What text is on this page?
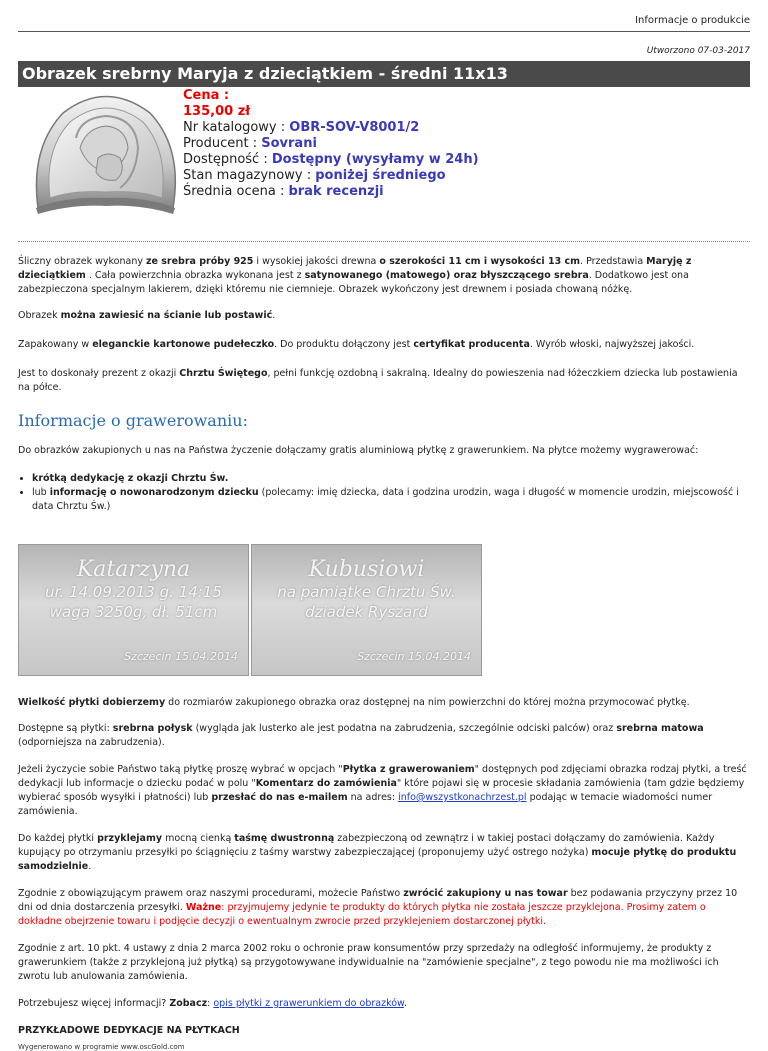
Informacje o produkcie
Utworzono 07-03-2017
Obrazek srebrny Maryja z dzieciątkiem - średni 11x13
Cena :
135,00 zł
Nr katalogowy : OBR-SOV-V8001/2
Producent : Sovrani
Dostępność : Dostępny (wysyłamy w 24h)
Stan magazynowy : poniżej średniego
Średnia ocena : brak recenzji

Śliczny obrazek wykonany ze srebra próby 925 i wysokiej jakości drewna o szerokości 11 cm i wysokości 13 cm. Przedstawia Maryję z dzieciątkiem . Cała powierzchnia obrazka wykonana jest z satynowanego (matowego) oraz błyszczącego srebra. Dodatkowo jest ona zabezpieczona specjalnym lakierem, dzięki któremu nie ciemnieje. Obrazek wykończony jest drewnem i posiada chowaną nóżkę.

Obrazek można zawiesić na ścianie lub postawić.

Zapakowany w eleganckie kartonowe pudełeczko. Do produktu dołączony jest certyfikat producenta. Wyrób włoski, najwyższej jakości.

Jest to doskonały prezent z okazji Chrztu Świętego, pełni funkcję ozdobną i sakralną. Idealny do powieszenia nad łóżeczkiem dziecka lub postawienia na półce.

Informacje o grawerowaniu:

Do obrazków zakupionych u nas na Państwa życzenie dołączamy gratis aluminiową płytkę z grawerunkiem. Na płytce możemy wygrawerować:

• krótką dedykację z okazji Chrztu Św.
• lub informację o nowonarodzonym dziecku (polecamy: imię dziecka, data i godzina urodzin, waga i długość w momencie urodzin, miejscowość i data Chrztu Św.)
Katarzyna
ur. 14.09.2013 g. 14:15
waga 3250g, dł. 51cm
Szczecin 15.04.2014
Kubusiowi
na pamiątke Chrztu Św.
dziadek Ryszard
Szczecin 15.04.2014

Wielkość płytki dobierzemy do rozmiarów zakupionego obrazka oraz dostępnej na nim powierzchni do której można przymocować płytkę.

Dostępne są płytki: srebrna połysk (wygląda jak lusterko ale jest podatna na zabrudzenia, szczególnie odciski palców) oraz srebrna matowa (odporniejsza na zabrudzenia).

Jeżeli życzycie sobie Państwo taką płytkę proszę wybrać w opcjach "Płytka z grawerowaniem" dostępnych pod zdjęciami obrazka rodzaj płytki, a treść dedykacji lub informacje o dziecku podać w polu "Komentarz do zamówienia" które pojawi się w procesie składania zamówienia (tam gdzie będziemy wybierać sposób wysyłki i płatności) lub przesłać do nas e-mailem na adres: info@wszystkonachrzest.pl podając w temacie wiadomości numer zamówienia.

Do każdej płytki przyklejamy mocną cienką taśmę dwustronną zabezpieczoną od zewnątrz i w takiej postaci dołączamy do zamówienia. Każdy kupujący po otrzymaniu przesyłki po ściągnięciu z taśmy warstwy zabezpieczającej (proponujemy użyć ostrego nożyka) mocuje płytkę do produktu samodzielnie.

Zgodnie z obowiązującym prawem oraz naszymi procedurami, możecie Państwo zwrócić zakupiony u nas towar bez podawania przyczyny przez 10 dni od dnia dostarczenia przesyłki. Ważne: przyjmujemy jedynie te produkty do których płytka nie została jeszcze przyklejona. Prosimy zatem o dokładne obejrzenie towaru i podjęcie decyzji o ewentualnym zwrocie przed przyklejeniem dostarczonej płytki.

Zgodnie z art. 10 pkt. 4 ustawy z dnia 2 marca 2002 roku o ochronie praw konsumentów przy sprzedaży na odległość informujemy, że produkty z grawerunkiem (także z przyklejoną już płytką) są przygotowywane indywidualnie na "zamówienie specjalne", z tego powodu nie ma możliwości ich zwrotu lub anulowania zamówienia.

Potrzebujesz więcej informacji? Zobacz: opis płytki z grawerunkiem do obrazków.

PRZYKŁADOWE DEDYKACJE NA PŁYTKACH
Wygenerowano w programie www.oscGold.com
